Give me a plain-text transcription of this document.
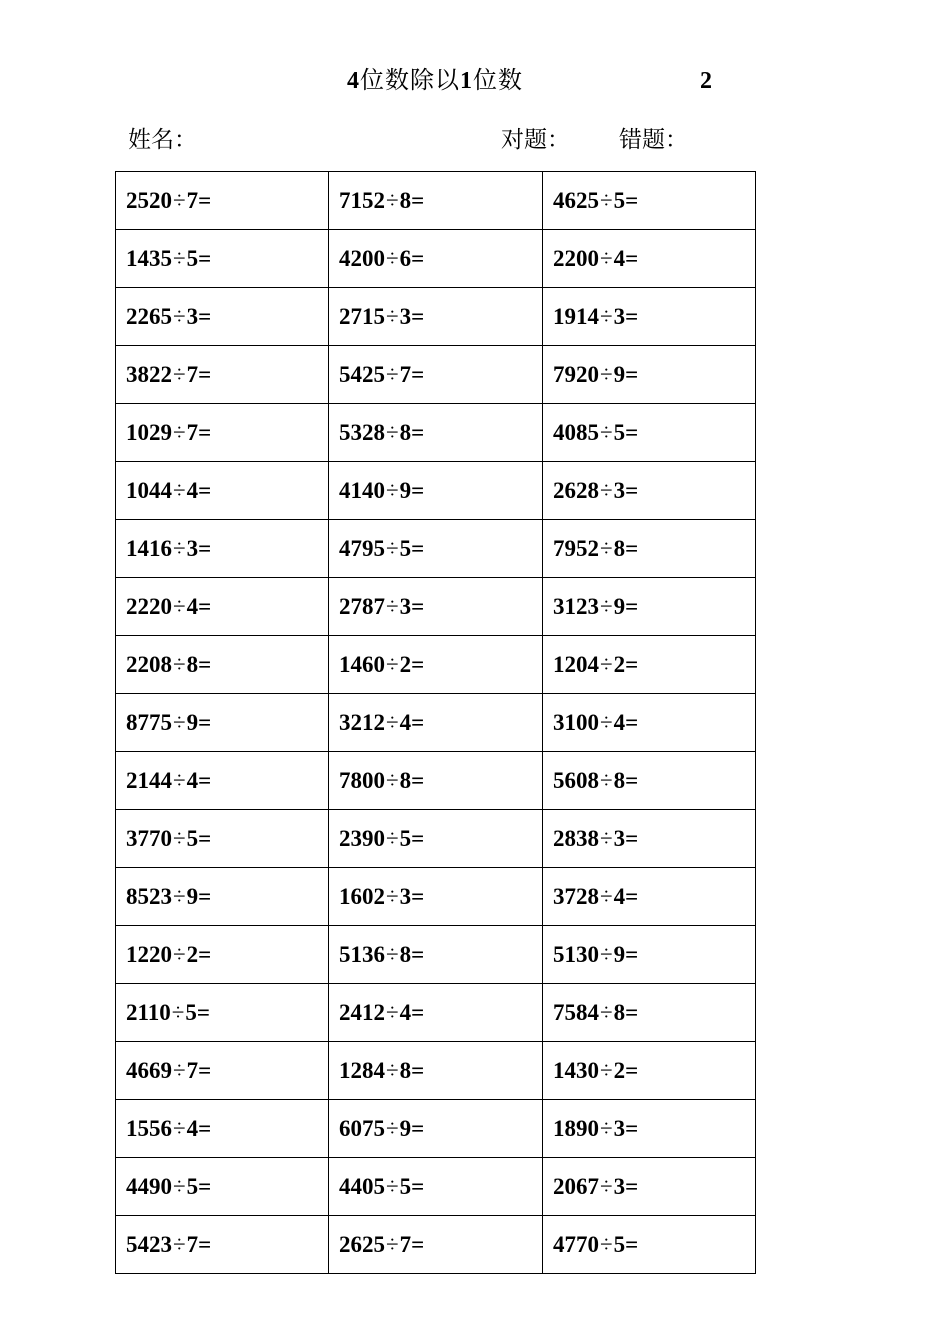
4位数除以1位数	2
姓名：	对题： 错题：
2520÷7=	7152÷8=	4625÷5=
1435÷5=	4200÷6=	2200÷4=
2265÷3=	2715÷3=	1914÷3=
3822÷7=	5425÷7=	7920÷9=
1029÷7=	5328÷8=	4085÷5=
1044÷4=	4140÷9=	2628÷3=
1416÷3=	4795÷5=	7952÷8=
2220÷4=	2787÷3=	3123÷9=
2208÷8=	1460÷2=	1204÷2=
8775÷9=	3212÷4=	3100÷4=
2144÷4=	7800÷8=	5608÷8=
3770÷5=	2390÷5=	2838÷3=
8523÷9=	1602÷3=	3728÷4=
1220÷2=	5136÷8=	5130÷9=
2110÷5=	2412÷4=	7584÷8=
4669÷7=	1284÷8=	1430÷2=
1556÷4=	6075÷9=	1890÷3=
4490÷5=	4405÷5=	2067÷3=
5423÷7=	2625÷7=	4770÷5=
